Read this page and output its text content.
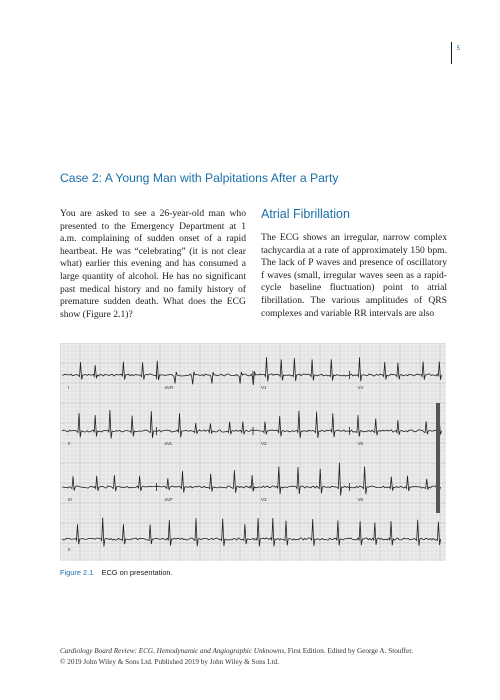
5
Case 2: A Young Man with Palpitations After a Party

You are asked to see a 26-year-old man who presented to the Emergency Department at 1 a.m. complaining of sudden onset of a rapid heartbeat. He was “celebrating” (it is not clear what) earlier this evening and has consumed a large quantity of alcohol. He has no significant past medical history and no family history of premature sudden death. What does the ECG show (Figure 2.1)?

Atrial Fibrillation

The ECG shows an irregular, narrow complex tachycardia at a rate of approximately 150 bpm. The lack of P waves and presence of oscillatory f waves (small, irregular waves seen as a rapid-cycle baseline fluctuation) point to atrial fibrillation. The various amplitudes of QRS complexes and variable RR intervals are also

I	aVR	V1	V4
II	aVL	V2	V5
III	aVF	V3	V6
II
Figure 2.1 ECG on presentation.
Cardiology Board Review: ECG, Hemodynamic and Angiographic Unknowns, First Edition. Edited by George A. Stouffer.
© 2019 John Wiley & Sons Ltd. Published 2019 by John Wiley & Sons Ltd.
